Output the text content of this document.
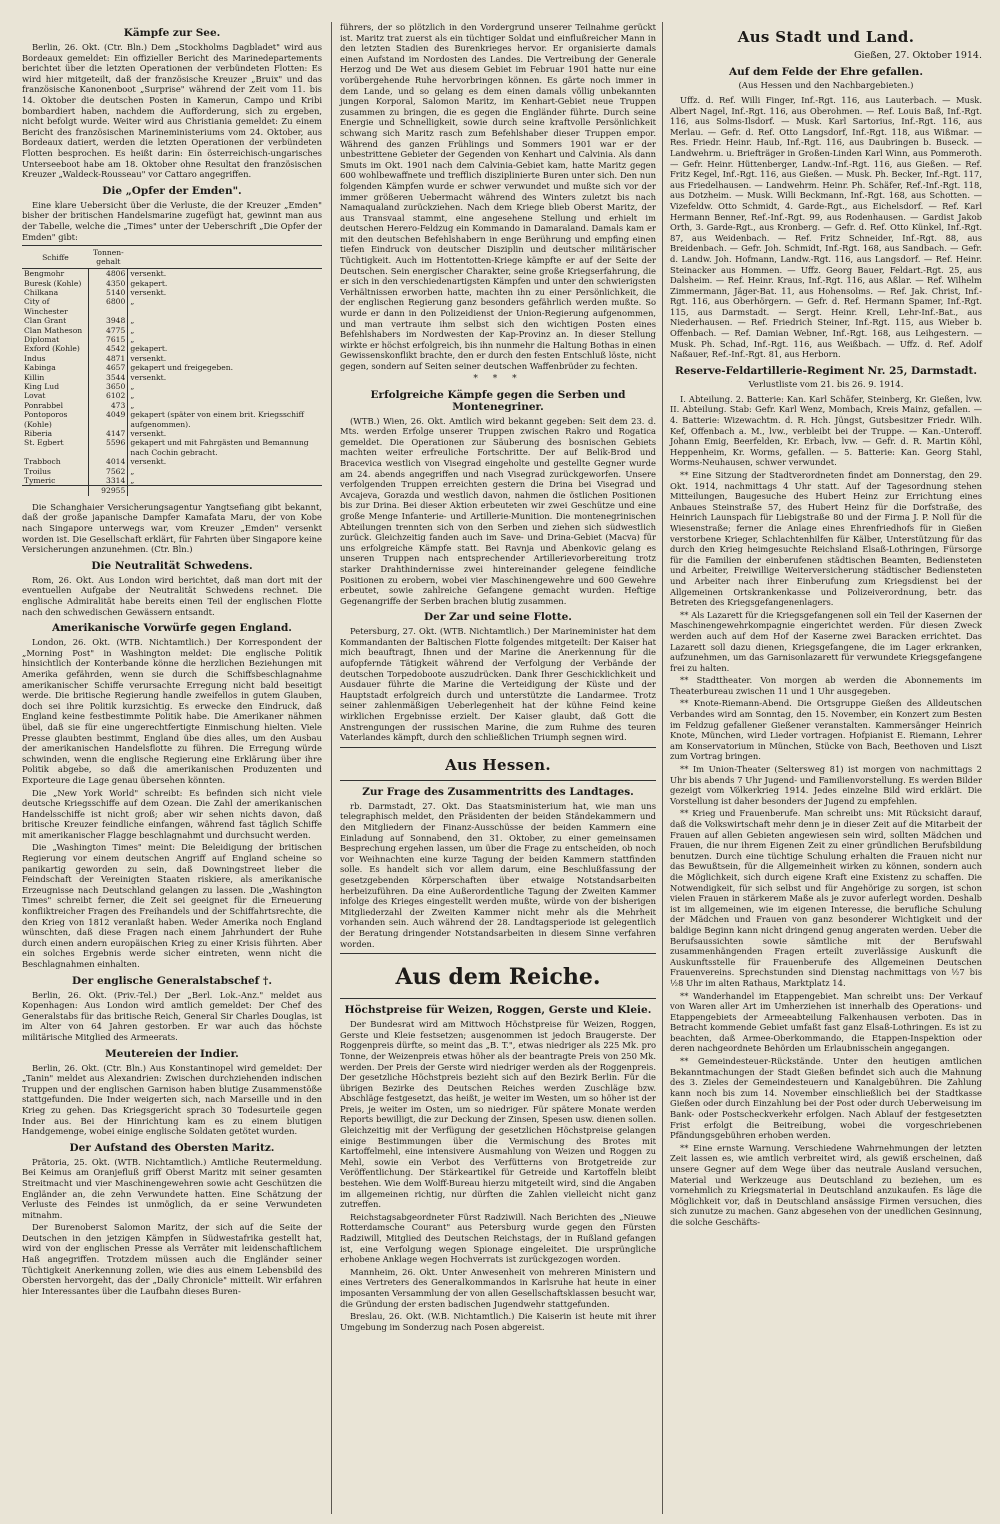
Kämpfe zur See.

Berlin, 26. Okt. (Ctr. Bln.) Dem „Stockholms Dagbladet" wird aus Bordeaux gemeldet: Ein offizieller Bericht des Marinedepartements berichtet über die letzten Operationen der verbündeten Flotten: Es wird hier mitgeteilt, daß der französische Kreuzer „Bruix" und das französische Kanonenboot „Surprise" während der Zeit vom 11. bis 14. Oktober die deutschen Posten in Kamerun, Campo und Kribi bombardiert haben, nachdem die Aufforderung, sich zu ergeben, nicht befolgt wurde. Weiter wird aus Christiania gemeldet: Zu einem Bericht des französischen Marineministeriums vom 24. Oktober, aus Bordeaux datiert, werden die letzten Operationen der verbündeten Flotten besprochen. Es heißt darin: Ein österreichisch-ungarisches Unterseeboot habe am 18. Oktober ohne Resultat den französischen Kreuzer „Waldeck-Rousseau" vor Cattaro angegriffen.

Die „Opfer der Emden".

Eine klare Uebersicht über die Verluste, die der Kreuzer „Emden" bisher der britischen Handelsmarine zugefügt hat, gewinnt man aus der Tabelle, welche die „Times" unter der Ueberschrift „Die Opfer der Emden" gibt:

Schiffe	Tonnen-gehalt	
Bengmohr	4806	versenkt.
Buresk (Kohle)	4350	gekapert.
Chilkana	5140	versenkt.
City of Winchester	6800	„
Clan Grant	3948	„
Clan Matheson	4775	„
Diplomat	7615	„
Exford (Kohle)	4542	gekapert.
Indus	4871	versenkt.
Kabinga	4657	gekapert und freigegeben.
Killin	3544	versenkt.
King Lud	3650	„
Lovat	6102	„
Ponrabbel	473	„
Pontoporos (Kohle)	4049	gekapert (später von einem brit. Kriegsschiff aufgenommen).
Riberia	4147	versenkt.
St. Egbert	5596	gekapert und mit Fahrgästen und Bemannung nach Cochin gebracht.
Trabboch	4014	versenkt.
Troilus	7562	„
Tymeric	3314	„
	92955	

Die Schanghaier Versicherungsagentur Yangtsefiang gibt bekannt, daß der große japanische Dampfer Kamafata Maru, der von Kobe nach Singapore unterwegs war, vom Kreuzer „Emden" versenkt worden ist. Die Gesellschaft erklärt, für Fahrten über Singapore keine Versicherungen anzunehmen. (Ctr. Bln.)

Die Neutralität Schwedens.

Rom, 26. Okt. Aus London wird berichtet, daß man dort mit der eventuellen Aufgabe der Neutralität Schwedens rechnet. Die englische Admiralität habe bereits einen Teil der englischen Flotte nach den schwedischen Gewässern entsandt.

Amerikanische Vorwürfe gegen England.

London, 26. Okt. (WTB. Nichtamtlich.) Der Korrespondent der „Morning Post" in Washington meldet: Die englische Politik hinsichtlich der Konterbande könne die herzlichen Beziehungen mit Amerika gefährden, wenn sie durch die Schiffsbeschlagnahme amerikanischer Schiffe verursachte Erregung nicht bald beseitigt werde. Die britische Regierung handle zweifellos in gutem Glauben, doch sei ihre Politik kurzsichtig. Es erwecke den Eindruck, daß England keine festbestimmte Politik habe. Die Amerikaner nähmen übel, daß sie für eine ungerechtfertigte Einmischung hielten. Viele Presse glaubten bestimmt, England übe dies alles, um den Ausbau der amerikanischen Handelsflotte zu führen. Die Erregung würde schwinden, wenn die englische Regierung eine Erklärung über ihre Politik abgebe, so daß die amerikanischen Produzenten und Exporteure die Lage genau übersehen könnten.

Die „New York World" schreibt: Es befinden sich nicht viele deutsche Kriegsschiffe auf dem Ozean. Die Zahl der amerikanischen Handelsschiffe ist nicht groß; aber wir sehen nichts davon, daß britische Kreuzer feindliche einfangen, während fast täglich Schiffe mit amerikanischer Flagge beschlagnahmt und durchsucht werden.

Die „Washington Times" meint: Die Beleidigung der britischen Regierung vor einem deutschen Angriff auf England scheine so panikartig geworden zu sein, daß Downingstreet lieber die Feindschaft der Vereinigten Staaten riskiere, als amerikanische Erzeugnisse nach Deutschland gelangen zu lassen. Die „Washington Times" schreibt ferner, die Zeit sei geeignet für die Erneuerung konfliktreicher Fragen des Freihandels und der Schiffahrtsrechte, die den Krieg von 1812 veranlaßt haben. Weder Amerika noch England wünschten, daß diese Fragen nach einem Jahrhundert der Ruhe durch einen andern europäischen Krieg zu einer Krisis führten. Aber ein solches Ergebnis werde sicher eintreten, wenn nicht die Beschlagnahmen einhalten.

Der englische Generalstabschef †.

Berlin, 26. Okt. (Priv.-Tel.) Der „Berl. Lok.-Anz." meldet aus Kopenhagen: Aus London wird amtlich gemeldet: Der Chef des Generalstabs für das britische Reich, General Sir Charles Douglas, ist im Alter von 64 Jahren gestorben. Er war auch das höchste militärische Mitglied des Armeerats.

Meutereien der Indier.

Berlin, 26. Okt. (Ctr. Bln.) Aus Konstantinopel wird gemeldet: Der „Tanin" meldet aus Alexandrien: Zwischen durchziehenden indischen Truppen und der englischen Garnison haben blutige Zusammenstöße stattgefunden. Die Inder weigerten sich, nach Marseille und in den Krieg zu gehen. Das Kriegsgericht sprach 30 Todesurteile gegen Inder aus. Bei der Hinrichtung kam es zu einem blutigen Handgemenge, wobei einige englische Soldaten getötet wurden.

Der Aufstand des Obersten Maritz.

Prätoria, 25. Okt. (WTB. Nichtamtlich.) Amtliche Reutermeldung. Bei Keimus am Oranjefluß griff Oberst Maritz mit seiner gesamten Streitmacht und vier Maschinengewehren sowie acht Geschützen die Engländer an, die zehn Verwundete hatten. Eine Schätzung der Verluste des Feindes ist unmöglich, da er seine Verwundeten mitnahm.

Der Burenoberst Salomon Maritz, der sich auf die Seite der Deutschen in den jetzigen Kämpfen in Südwestafrika gestellt hat, wird von der englischen Presse als Verräter mit leidenschaftlichem Haß angegriffen. Trotzdem müssen auch die Engländer seiner Tüchtigkeit Anerkennung zollen, wie dies aus einem Lebensbild des Obersten hervorgeht, das der „Daily Chronicle" mitteilt. Wir erfahren hier Interessantes über die Laufbahn dieses Buren-

führers, der so plötzlich in den Vordergrund unserer Teilnahme gerückt ist. Maritz trat zuerst als ein tüchtiger Soldat und einflußreicher Mann in den letzten Stadien des Burenkrieges hervor. Er organisierte damals einen Aufstand im Nordosten des Landes. Die Vertreibung der Generale Herzog und De Wet aus diesem Gebiet im Februar 1901 hatte nur eine vorübergehende Ruhe hervorbringen können. Es gärte noch immer in dem Lande, und so gelang es dem einen damals völlig unbekannten jungen Korporal, Salomon Maritz, im Kenhart-Gebiet neue Truppen zusammen zu bringen, die es gegen die Engländer führte. Durch seine Energie und Schnelligkeit, sowie durch seine kraftvolle Persönlichkeit schwang sich Maritz rasch zum Befehlshaber dieser Truppen empor. Während des ganzen Frühlings und Sommers 1901 war er der unbestrittene Gebieter der Gegenden von Kenhart und Calvinia. Als dann Smuts im Okt. 1901 nach dem Calvinia-Gebiet kam, hatte Maritz gegen 600 wohlbewaffnete und trefflich disziplinierte Buren unter sich. Den nun folgenden Kämpfen wurde er schwer verwundet und mußte sich vor der immer größeren Uebermacht während des Winters zuletzt bis nach Namaqualand zurückziehen. Nach dem Kriege blieb Oberst Maritz, der aus Transvaal stammt, eine angesehene Stellung und erhielt im deutschen Herero-Feldzug ein Kommando in Damaraland. Damals kam er mit den deutschen Befehlshabern in enge Berührung und empfing einen tiefen Eindruck von deutscher Disziplin und deutscher militärischer Tüchtigkeit. Auch im Hottentotten-Kriege kämpfte er auf der Seite der Deutschen. Sein energischer Charakter, seine große Kriegserfahrung, die er sich in den verschiedenartigsten Kämpfen und unter den schwierigsten Verhältnissen erworben hatte, machten ihn zu einer Persönlichkeit, die der englischen Regierung ganz besonders gefährlich werden mußte. So wurde er dann in den Polizeidienst der Union-Regierung aufgenommen, und man vertraute ihm selbst sich den wichtigen Posten eines Befehlshabers im Nordwesten der Kap-Provinz an. In dieser Stellung wirkte er höchst erfolgreich, bis ihn nunmehr die Haltung Bothas in einen Gewissenskonflikt brachte, den er durch den festen Entschluß löste, nicht gegen, sondern auf Seiten seiner deutschen Waffenbrüder zu fechten.

* * *
Erfolgreiche Kämpfe gegen die Serben und Montenegriner.

(WTB.) Wien, 26. Okt. Amtlich wird bekannt gegeben: Seit dem 23. d. Mts. werden Erfolge unserer Truppen zwischen Rakro und Rogatica gemeldet. Die Operationen zur Säuberung des bosnischen Gebiets machten weiter erfreuliche Fortschritte. Der auf Belik-Brod und Bracevica westlich von Visegrad eingeholte und gestellte Gegner wurde am 24. abends angegriffen und nach Visegrad zurückgeworfen. Unsere verfolgenden Truppen erreichten gestern die Drina bei Visegrad und Avcajeva, Gorazda und westlich davon, nahmen die östlichen Positionen bis zur Drina. Bei dieser Aktion erbeuteten wir zwei Geschütze und eine große Menge Infanterie- und Artillerie-Munition. Die montenegrinischen Abteilungen trennten sich von den Serben und ziehen sich südwestlich zurück. Gleichzeitig fanden auch im Save- und Drina-Gebiet (Macva) für uns erfolgreiche Kämpfe statt. Bei Ravnja und Abenkovic gelang es unseren Truppen nach entsprechender Artillerievorbereitung trotz starker Drahthindernisse zwei hintereinander gelegene feindliche Positionen zu erobern, wobei vier Maschinengewehre und 600 Gewehre erbeutet, sowie zahlreiche Gefangene gemacht wurden. Heftige Gegenangriffe der Serben brachen blutig zusammen.

Der Zar und seine Flotte.

Petersburg, 27. Okt. (WTB. Nichtamtlich.) Der Marineminister hat dem Kommandanten der Baltischen Flotte folgendes mitgeteilt: Der Kaiser hat mich beauftragt, Ihnen und der Marine die Anerkennung für die aufopfernde Tätigkeit während der Verfolgung der Verbände der deutschen Torpedoboote auszudrücken. Dank Ihrer Geschicklichkeit und Ausdauer führte die Marine die Verteidigung der Küste und der Hauptstadt erfolgreich durch und unterstützte die Landarmee. Trotz seiner zahlenmäßigen Ueberlegenheit hat der kühne Feind keine wirklichen Ergebnisse erzielt. Der Kaiser glaubt, daß Gott die Anstrengungen der russischen Marine, die zum Ruhme des teuren Vaterlandes kämpft, durch den schließlichen Triumph segnen wird.

Aus Hessen.
Zur Frage des Zusammentritts des Landtages.

rb. Darmstadt, 27. Okt. Das Staatsministerium hat, wie man uns telegraphisch meldet, den Präsidenten der beiden Ständekammern und den Mitgliedern der Finanz-Ausschüsse der beiden Kammern eine Einladung auf Sonnabend, den 31. Oktober, zu einer gemeinsamen Besprechung ergehen lassen, um über die Frage zu entscheiden, ob noch vor Weihnachten eine kurze Tagung der beiden Kammern stattfinden solle. Es handelt sich vor allem darum, eine Beschlußfassung der gesetzgebenden Körperschaften über etwaige Notstandsarbeiten herbeizuführen. Da eine Außerordentliche Tagung der Zweiten Kammer infolge des Krieges eingestellt werden mußte, würde von der bisherigen Mitgliederzahl der Zweiten Kammer nicht mehr als die Mehrheit vorhanden sein. Auch während der 28. Landtagsperiode ist gelegentlich der Beratung dringender Notstandsarbeiten in diesem Sinne verfahren worden.

Aus dem Reiche.
Höchstpreise für Weizen, Roggen, Gerste und Kleie.

Der Bundesrat wird am Mittwoch Höchstpreise für Weizen, Roggen, Gerste und Kleie festsetzen; ausgenommen ist jedoch Braugerste. Der Roggenpreis dürfte, so meint das „B. T.", etwas niedriger als 225 Mk. pro Tonne, der Weizenpreis etwas höher als der beantragte Preis von 250 Mk. werden. Der Preis der Gerste wird niedriger werden als der Roggenpreis. Der gesetzliche Höchstpreis bezieht sich auf den Bezirk Berlin. Für die übrigen Bezirke des Deutschen Reiches werden Zuschläge bzw. Abschläge festgesetzt, das heißt, je weiter im Westen, um so höher ist der Preis, je weiter im Osten, um so niedriger. Für spätere Monate werden Reports bewilligt, die zur Deckung der Zinsen, Spesen usw. dienen sollen. Gleichzeitig mit der Verfügung der gesetzlichen Höchstpreise gelangen einige Bestimmungen über die Vermischung des Brotes mit Kartoffelmehl, eine intensivere Ausmahlung von Weizen und Roggen zu Mehl, sowie ein Verbot des Verfütterns von Brotgetreide zur Veröffentlichung. Der Stärkeartikel für Getreide und Kartoffeln bleibt bestehen. Wie dem Wolff-Bureau hierzu mitgeteilt wird, sind die Angaben im allgemeinen richtig, nur dürften die Zahlen vielleicht nicht ganz zutreffen.

Reichstagsabgeordneter Fürst Radziwill. Nach Berichten des „Nieuwe Rotterdamsche Courant" aus Petersburg wurde gegen den Fürsten Radziwill, Mitglied des Deutschen Reichstags, der in Rußland gefangen ist, eine Verfolgung wegen Spionage eingeleitet. Die ursprüngliche erhobene Anklage wegen Hochverrats ist zurückgezogen worden.

Mannheim, 26. Okt. Unter Anwesenheit von mehreren Ministern und eines Vertreters des Generalkommandos in Karlsruhe hat heute in einer imposanten Versammlung der von allen Gesellschaftsklassen besucht war, die Gründung der ersten badischen Jugendwehr stattgefunden.

Breslau, 26. Okt. (W.B. Nichtamtlich.) Die Kaiserin ist heute mit ihrer Umgebung im Sonderzug nach Posen abgereist.

Aus Stadt und Land.
Gießen, 27. Oktober 1914.
Auf dem Felde der Ehre gefallen.
(Aus Hessen und den Nachbargebieten.)

Uffz. d. Ref. Willi Finger, Inf.-Rgt. 116, aus Lauterbach. — Musk. Albert Nagel, Inf.-Rgt. 116, aus Oberohmen. — Ref. Louis Baß, Inf.-Rgt. 116, aus Solms-Ilsdorf. — Musk. Karl Sartorius, Inf.-Rgt. 116, aus Merlau. — Gefr. d. Ref. Otto Langsdorf, Inf.-Rgt. 118, aus Wißmar. — Res. Friedr. Heinr. Haub, Inf.-Rgt. 116, aus Daubringen b. Buseck. — Landwehrm. u. Briefträger in Großen-Linden Karl Winn, aus Pommeroth. — Gefr. Heinr. Hüttenberger, Landw.-Inf.-Rgt. 116, aus Gießen. — Ref. Fritz Kegel, Inf.-Rgt. 116, aus Gießen. — Musk. Ph. Becker, Inf.-Rgt. 117, aus Friedelhausen. — Landwehrm. Heinr. Ph. Schäfer, Ref.-Inf.-Rgt. 118, aus Dotzheim. — Musk. Willi Beckmann, Inf.-Rgt. 168, aus Schotten. — Vizefeldw. Otto Schmidt, 4. Garde-Rgt., aus Eichelsdorf. — Ref. Karl Hermann Benner, Ref.-Inf.-Rgt. 99, aus Rodenhausen. — Gardist Jakob Orth, 3. Garde-Rgt., aus Kronberg. — Gefr. d. Ref. Otto Künkel, Inf.-Rgt. 87, aus Weidenbach. — Ref. Fritz Schneider, Inf.-Rgt. 88, aus Breidenbach. — Gefr. Joh. Schmidt, Inf.-Rgt. 168, aus Sandbach. — Gefr. d. Landw. Joh. Hofmann, Landw.-Rgt. 116, aus Langsdorf. — Ref. Heinr. Steinacker aus Hommen. — Uffz. Georg Bauer, Feldart.-Rgt. 25, aus Dalsheim. — Ref. Heinr. Kraus, Inf.-Rgt. 116, aus Aßlar. — Ref. Wilhelm Zimmermann, Jäger-Bat. 11, aus Hohensolms. — Ref. Jak. Christ, Inf.-Rgt. 116, aus Oberhörgern. — Gefr. d. Ref. Hermann Spamer, Inf.-Rgt. 115, aus Darmstadt. — Sergt. Heinr. Krell, Lehr-Inf.-Bat., aus Niederhausen. — Ref. Friedrich Steiner, Inf.-Rgt. 115, aus Wieber b. Offenbach. — Ref. Damian Webner, Inf.-Rgt. 168, aus Leihgestern. — Musk. Ph. Schad, Inf.-Rgt. 116, aus Weißbach. — Uffz. d. Ref. Adolf Naßauer, Ref.-Inf.-Rgt. 81, aus Herborn.

Reserve-Feldartillerie-Regiment Nr. 25, Darmstadt.
Verlustliste vom 21. bis 26. 9. 1914.

I. Abteilung. 2. Batterie: Kan. Karl Schäfer, Steinberg, Kr. Gießen, lvw. II. Abteilung. Stab: Gefr. Karl Wenz, Mombach, Kreis Mainz, gefallen. — 4. Batterie: Wizewachtm. d. R. Hch. Jüngst, Gutsbesitzer Friedr. Wilh. Kef, Offenbach a. M., lvw., verbleibt bei der Truppe. — Kan.-Unteroff. Johann Emig, Beerfelden, Kr. Erbach, lvw. — Gefr. d. R. Martin Köhl, Heppenheim, Kr. Worms, gefallen. — 5. Batterie: Kan. Georg Stahl, Worms-Neuhausen, schwer verwundet.

** Eine Sitzung der Stadtverordneten findet am Donnerstag, den 29. Okt. 1914, nachmittags 4 Uhr statt. Auf der Tagesordnung stehen Mitteilungen, Baugesuche des Hubert Heinz zur Errichtung eines Anbaues Steinstraße 57, des Hubert Heinz für die Dorfstraße, des Heinrich Launspach für Liebigstraße 80 und der Firma J. P. Noll für die Wiesenstraße; ferner die Anlage eines Ehrenfriedhofs für in Gießen verstorbene Krieger, Schlachtenhilfen für Kälber, Unterstützung für das durch den Krieg heimgesuchte Reichsland Elsaß-Lothringen, Fürsorge für die Familien der einberufenen städtischen Beamten, Bediensteten und Arbeiter, Freiwillige Weiterversicherung städtischer Bediensteten und Arbeiter nach ihrer Einberufung zum Kriegsdienst bei der Allgemeinen Ortskrankenkasse und Polizeiverordnung, betr. das Betreten des Kriegsgefangenenlagers.

** Als Lazarett für die Kriegsgefangenen soll ein Teil der Kasernen der Maschinengewehrkompagnie eingerichtet werden. Für diesen Zweck werden auch auf dem Hof der Kaserne zwei Baracken errichtet. Das Lazarett soll dazu dienen, Kriegsgefangene, die im Lager erkranken, aufzunehmen, um das Garnisonlazarett für verwundete Kriegsgefangene frei zu halten.

** Stadttheater. Von morgen ab werden die Abonnements im Theaterbureau zwischen 11 und 1 Uhr ausgegeben.

** Knote-Riemann-Abend. Die Ortsgruppe Gießen des Alldeutschen Verbandes wird am Sonntag, den 15. November, ein Konzert zum Besten im Feldzug gefallener Gießener veranstalten. Kammersänger Heinrich Knote, München, wird Lieder vortragen. Hofpianist E. Riemann, Lehrer am Konservatorium in München, Stücke von Bach, Beethoven und Liszt zum Vortrag bringen.

** Im Union-Theater (Seltersweg 81) ist morgen von nachmittags 2 Uhr bis abends 7 Uhr Jugend- und Familienvorstellung. Es werden Bilder gezeigt vom Völkerkrieg 1914. Jedes einzelne Bild wird erklärt. Die Vorstellung ist daher besonders der Jugend zu empfehlen.

** Krieg und Frauenberufe. Man schreibt uns: Mit Rücksicht darauf, daß die Volkswirtschaft mehr denn je in dieser Zeit auf die Mitarbeit der Frauen auf allen Gebieten angewiesen sein wird, sollten Mädchen und Frauen, die nur ihrem Eigenen Zeit zu einer gründlichen Berufsbildung benutzen. Durch eine tüchtige Schulung erhalten die Frauen nicht nur das Bewußtsein, für die Allgemeinheit wirken zu können, sondern auch die Möglichkeit, sich durch eigene Kraft eine Existenz zu schaffen. Die Notwendigkeit, für sich selbst und für Angehörige zu sorgen, ist schon vielen Frauen in stärkerem Maße als je zuvor auferlegt worden. Deshalb ist im allgemeinen, wie im eigenen Interesse, die berufliche Schulung der Mädchen und Frauen von ganz besonderer Wichtigkeit und der baldige Beginn kann nicht dringend genug angeraten werden. Ueber die Berufsaussichten sowie sämtliche mit der Berufswahl zusammenhängenden Fragen erteilt zuverlässige Auskunft die Auskunftsstelle für Frauenberufe des Allgemeinen Deutschen Frauenvereins. Sprechstunden sind Dienstag nachmittags von ½7 bis ½8 Uhr im alten Rathaus, Marktplatz 14.

** Wanderhandel im Etappengebiet. Man schreibt uns: Der Verkauf von Waren aller Art im Umherziehen ist innerhalb des Operations- und Etappengebiets der Armeeabteilung Falkenhausen verboten. Das in Betracht kommende Gebiet umfaßt fast ganz Elsaß-Lothringen. Es ist zu beachten, daß Armee-Oberkommando, die Etappen-Inspektion oder deren nachgeordnete Behörden um Erlaubnisschein angegangen.

** Gemeindesteuer-Rückstände. Unter den heutigen amtlichen Bekanntmachungen der Stadt Gießen befindet sich auch die Mahnung des 3. Zieles der Gemeindesteuern und Kanalgebühren. Die Zahlung kann noch bis zum 14. November einschließlich bei der Stadtkasse Gießen oder durch Einzahlung bei der Post oder durch Ueberweisung im Bank- oder Postscheckverkehr erfolgen. Nach Ablauf der festgesetzten Frist erfolgt die Beitreibung, wobei die vorgeschriebenen Pfändungsgebühren erhoben werden.

** Eine ernste Warnung. Verschiedene Wahrnehmungen der letzten Zeit lassen es, wie amtlich verbreitet wird, als gewiß erscheinen, daß unsere Gegner auf dem Wege über das neutrale Ausland versuchen, Material und Werkzeuge aus Deutschland zu beziehen, um es vornehmlich zu Kriegsmaterial in Deutschland anzukaufen. Es läge die Möglichkeit vor, daß in Deutschland ansässige Firmen versuchen, dies sich zunutze zu machen. Ganz abgesehen von der unedlichen Gesinnung, die solche Geschäfts-
